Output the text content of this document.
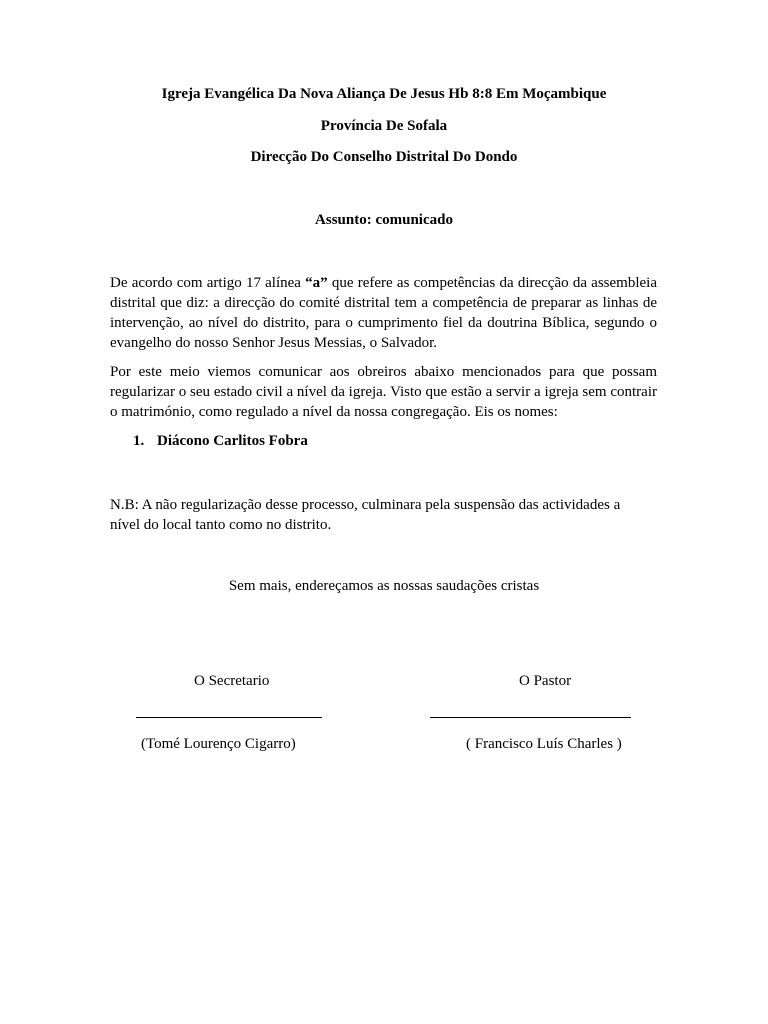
Igreja Evangélica Da Nova Aliança De Jesus Hb 8:8 Em Moçambique
Província De Sofala
Direcção Do Conselho Distrital Do Dondo
Assunto: comunicado
De acordo com artigo 17 alínea “a” que refere as competências da direcção da assembleia distrital que diz: a direcção do comité distrital tem a competência de preparar as linhas de intervenção, ao nível do distrito, para o cumprimento fiel da doutrina Bíblica, segundo o evangelho do nosso Senhor Jesus Messias, o Salvador.
Por este meio viemos comunicar aos obreiros abaixo mencionados para que possam regularizar o seu estado civil a nível da igreja. Visto que estão a servir a igreja sem contrair o matrimónio, como regulado a nível da nossa congregação. Eis os nomes:
1. Diácono Carlitos Fobra
N.B: A não regularização desse processo, culminara pela suspensão das actividades a nível do local tanto como no distrito.
Sem mais, endereçamos as nossas saudações cristas
O Secretario
(Tomé Lourenço Cigarro)
O Pastor
( Francisco Luís Charles )
